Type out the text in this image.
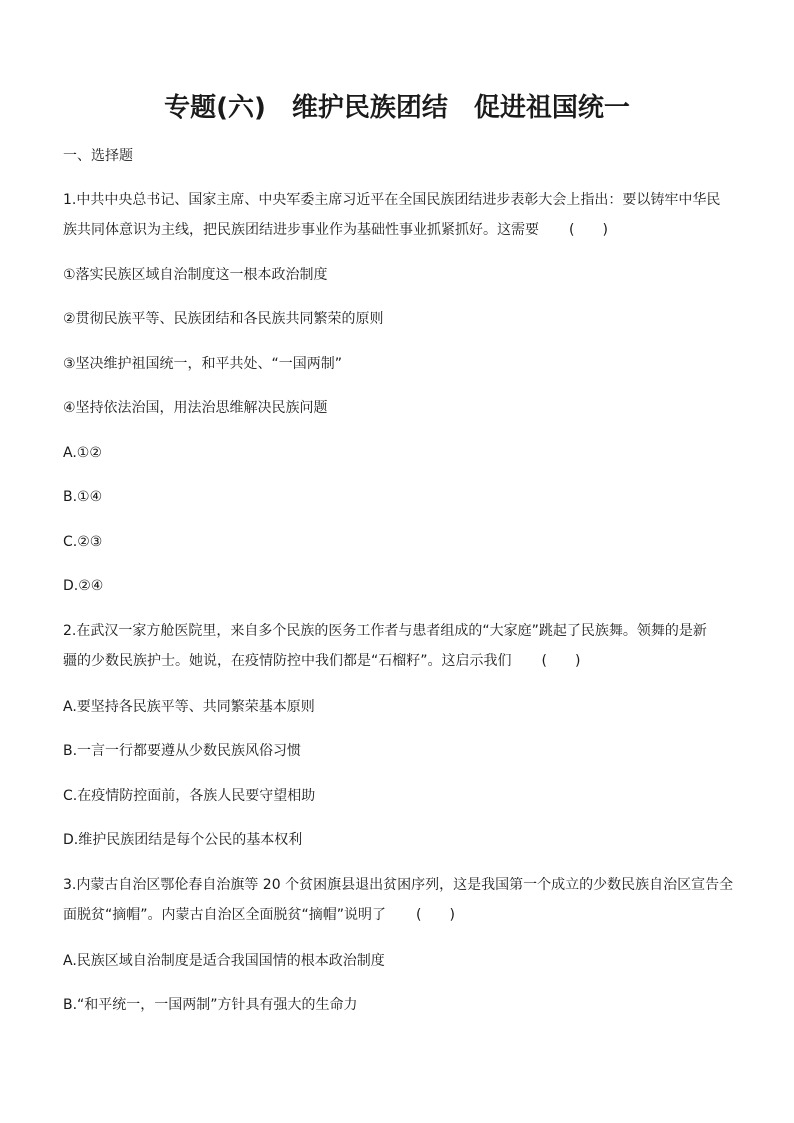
专题(六)　维护民族团结　促进祖国统一
一、选择题
1.中共中央总书记、国家主席、中央军委主席习近平在全国民族团结进步表彰大会上指出：要以铸牢中华民
族共同体意识为主线，把民族团结进步事业作为基础性事业抓紧抓好。这需要 (　　)
①落实民族区域自治制度这一根本政治制度
②贯彻民族平等、民族团结和各民族共同繁荣的原则
③坚决维护祖国统一，和平共处、“一国两制”
④坚持依法治国，用法治思维解决民族问题
A.①②
B.①④
C.②③
D.②④
2.在武汉一家方舱医院里，来自多个民族的医务工作者与患者组成的“大家庭”跳起了民族舞。领舞的是新
疆的少数民族护士。她说，在疫情防控中我们都是“石榴籽”。这启示我们 (　　)
A.要坚持各民族平等、共同繁荣基本原则
B.一言一行都要遵从少数民族风俗习惯
C.在疫情防控面前，各族人民要守望相助
D.维护民族团结是每个公民的基本权利
3.内蒙古自治区鄂伦春自治旗等 20 个贫困旗县退出贫困序列，这是我国第一个成立的少数民族自治区宣告全
面脱贫“摘帽”。内蒙古自治区全面脱贫“摘帽”说明了 (　　)
A.民族区域自治制度是适合我国国情的根本政治制度
B.“和平统一，一国两制”方针具有强大的生命力
